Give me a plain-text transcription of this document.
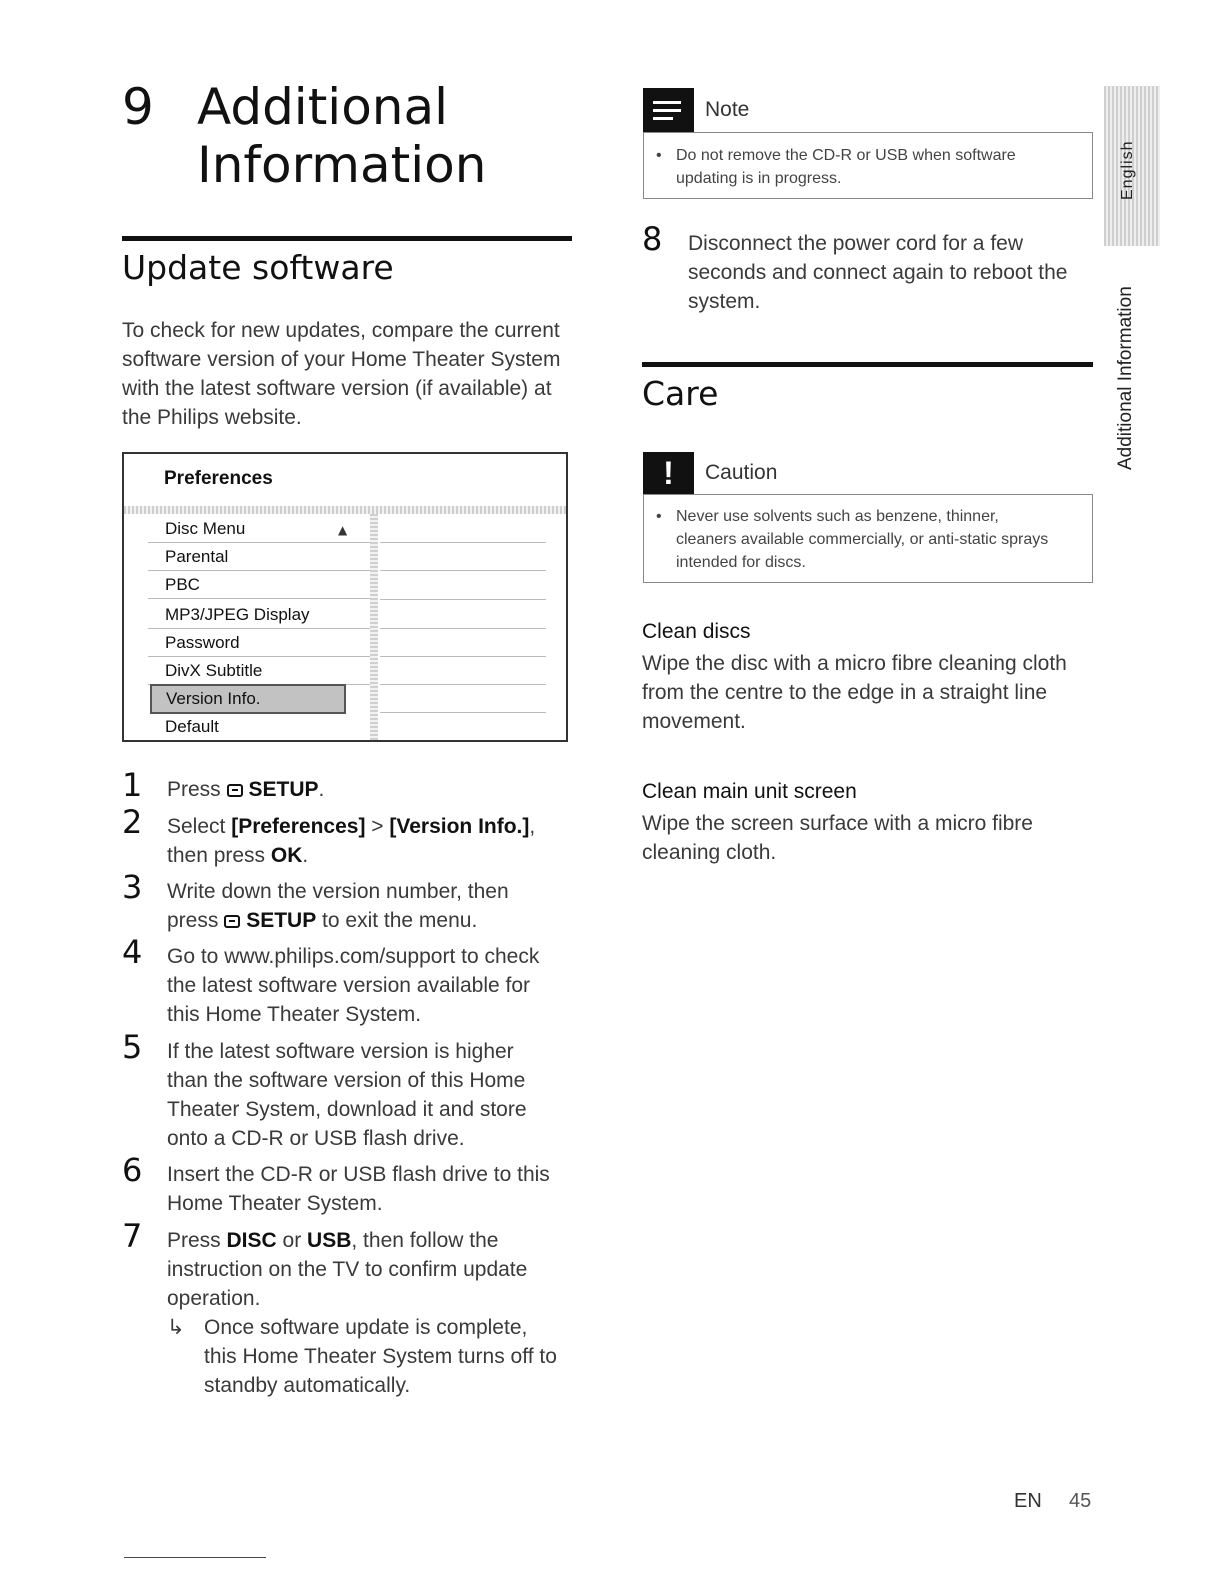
9 Additional
Information
Update software
To check for new updates, compare the current
software version of your Home Theater System
with the latest software version (if available) at
the Philips website.
Preferences
Disc Menu	▲
Parental
PBC
MP3/JPEG Display
Password
DivX Subtitle
Version Info.
Default
1 Press SETUP.
2 Select [Preferences] > [Version Info.],
then press OK.
3 Write down the version number, then
press SETUP to exit the menu.
4 Go to www.philips.com/support to check
the latest software version available for
this Home Theater System.
5 If the latest software version is higher
than the software version of this Home
Theater System, download it and store
onto a CD-R or USB flash drive.
6 Insert the CD-R or USB flash drive to this
Home Theater System.
7 Press DISC or USB, then follow the
instruction on the TV to confirm update
operation.
↳ Once software update is complete,
this Home Theater System turns off to
standby automatically.
Note
• Do not remove the CD-R or USB when software
updating is in progress.
8 Disconnect the power cord for a few
seconds and connect again to reboot the
system.
Care
!	Caution
• Never use solvents such as benzene, thinner,
cleaners available commercially, or anti-static sprays
intended for discs.
Clean discs
Wipe the disc with a micro fibre cleaning cloth
from the centre to the edge in a straight line
movement.
Clean main unit screen
Wipe the screen surface with a micro fibre
cleaning cloth.
English
Additional Information
EN 45
